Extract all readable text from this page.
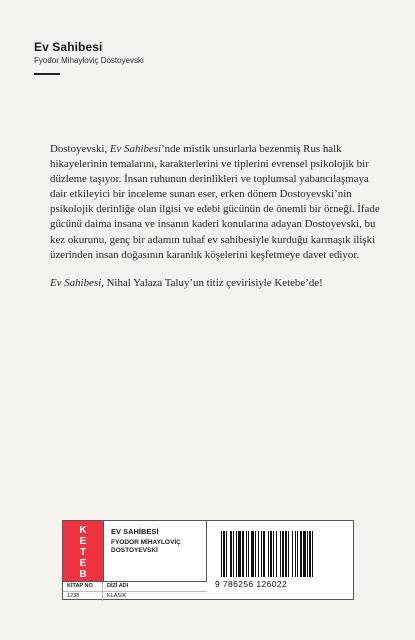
Ev Sahibesi
Fyodor Mihayloviç Dostoyevski

Dostoyevski, Ev Sahibesi’nde mistik unsurlarla bezenmiş Rus halk hikayelerinin temalarını, karakterlerini ve tiplerini evrensel psikolojik bir düzleme taşıyor. İnsan ruhunun derinlikleri ve toplumsal yabancılaşmaya dair etkileyici bir inceleme sunan eser, erken dönem Dostoyevski’nin psikolojik derinliğe olan ilgisi ve edebi gücünün de önemli bir örneği. İfade gücünü daima insana ve insanın kaderi konularına adayan Dostoyevski, bu kez okurunu, genç bir adamın tuhaf ev sahibesiyle kurduğu karmaşık ilişki üzerinden insan doğasının karanlık köşelerini keşfetmeye davet ediyor.

Ev Sahibesi, Nihal Yalaza Taluy’un titiz çevirisiyle Ketebe’de!

K
E
T
E
B
EV SAHİBESİ
FYODOR MİHAYLOVİÇ DOSTOYEVSKİ
9 786256 126022
KİTAP NO	DİZİ ADI
1238	KLASİK
